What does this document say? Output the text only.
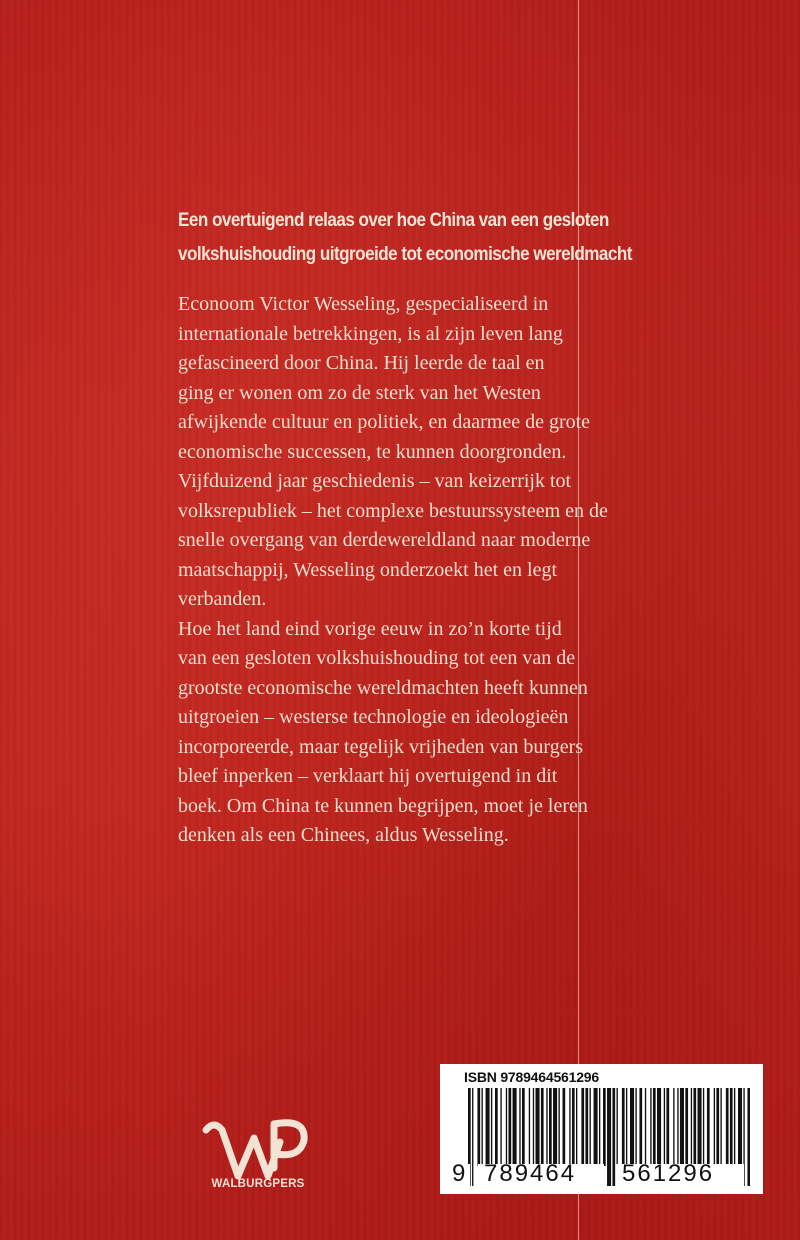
Een overtuigend relaas over hoe China van een gesloten
volkshuishouding uitgroeide tot economische wereldmacht
Econoom Victor Wesseling, gespecialiseerd in
internationale betrekkingen, is al zijn leven lang
gefascineerd door China. Hij leerde de taal en
ging er wonen om zo de sterk van het Westen
afwijkende cultuur en politiek, en daarmee de grote
economische successen, te kunnen doorgronden.
Vijfduizend jaar geschiedenis – van keizerrijk tot
volksrepubliek – het complexe bestuurssysteem en de
snelle overgang van derdewereldland naar moderne
maatschappij, Wesseling onderzoekt het en legt
verbanden.
Hoe het land eind vorige eeuw in zo’n korte tijd
van een gesloten volkshuishouding tot een van de
grootste economische wereldmachten heeft kunnen
uitgroeien – westerse technologie en ideologieën
incorporeerde, maar tegelijk vrijheden van burgers
bleef inperken – verklaart hij overtuigend in dit
boek. Om China te kunnen begrijpen, moet je leren
denken als een Chinees, aldus Wesseling.
WALBURGPERS
ISBN 9789464561296
9 789464 561296
